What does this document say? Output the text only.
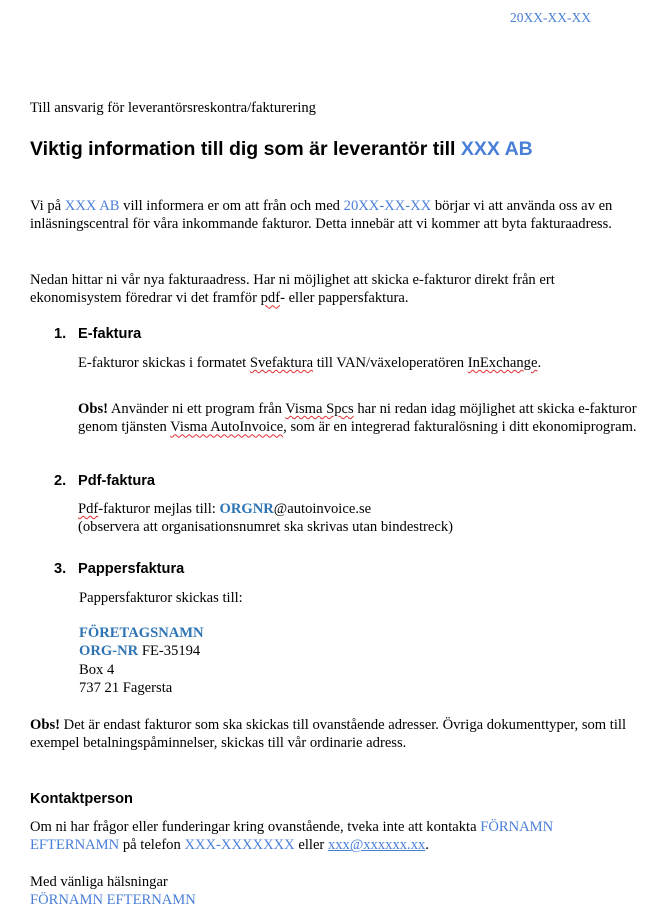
20XX-XX-XX
Till ansvarig för leverantörsreskontra/fakturering
Viktig information till dig som är leverantör till XXX AB
Vi på XXX AB vill informera er om att från och med 20XX-XX-XX börjar vi att använda oss av en inläsningscentral för våra inkommande fakturor. Detta innebär att vi kommer att byta fakturaadress.
Nedan hittar ni vår nya fakturaadress. Har ni möjlighet att skicka e-fakturor direkt från ert ekonomisystem föredrar vi det framför pdf- eller pappersfaktura.
1. E-faktura
E-fakturor skickas i formatet Svefaktura till VAN/växeloperatören InExchange.
Obs! Använder ni ett program från Visma Spcs har ni redan idag möjlighet att skicka e-fakturor genom tjänsten Visma AutoInvoice, som är en integrerad fakturalösning i ditt ekonomiprogram.
2. Pdf-faktura
Pdf-fakturor mejlas till: ORGNR@autoinvoice.se
(observera att organisationsnumret ska skrivas utan bindestreck)
3. Pappersfaktura
Pappersfakturor skickas till:
FÖRETAGSNAMN
ORG-NR FE-35194
Box 4
737 21 Fagersta
Obs! Det är endast fakturor som ska skickas till ovanstående adresser. Övriga dokumenttyper, som till exempel betalningspåminnelser, skickas till vår ordinarie adress.
Kontaktperson
Om ni har frågor eller funderingar kring ovanstående, tveka inte att kontakta FÖRNAMN EFTERNAMN på telefon XXX-XXXXXXX eller xxx@xxxxxx.xx.
Med vänliga hälsningar
FÖRNAMN EFTERNAMN
